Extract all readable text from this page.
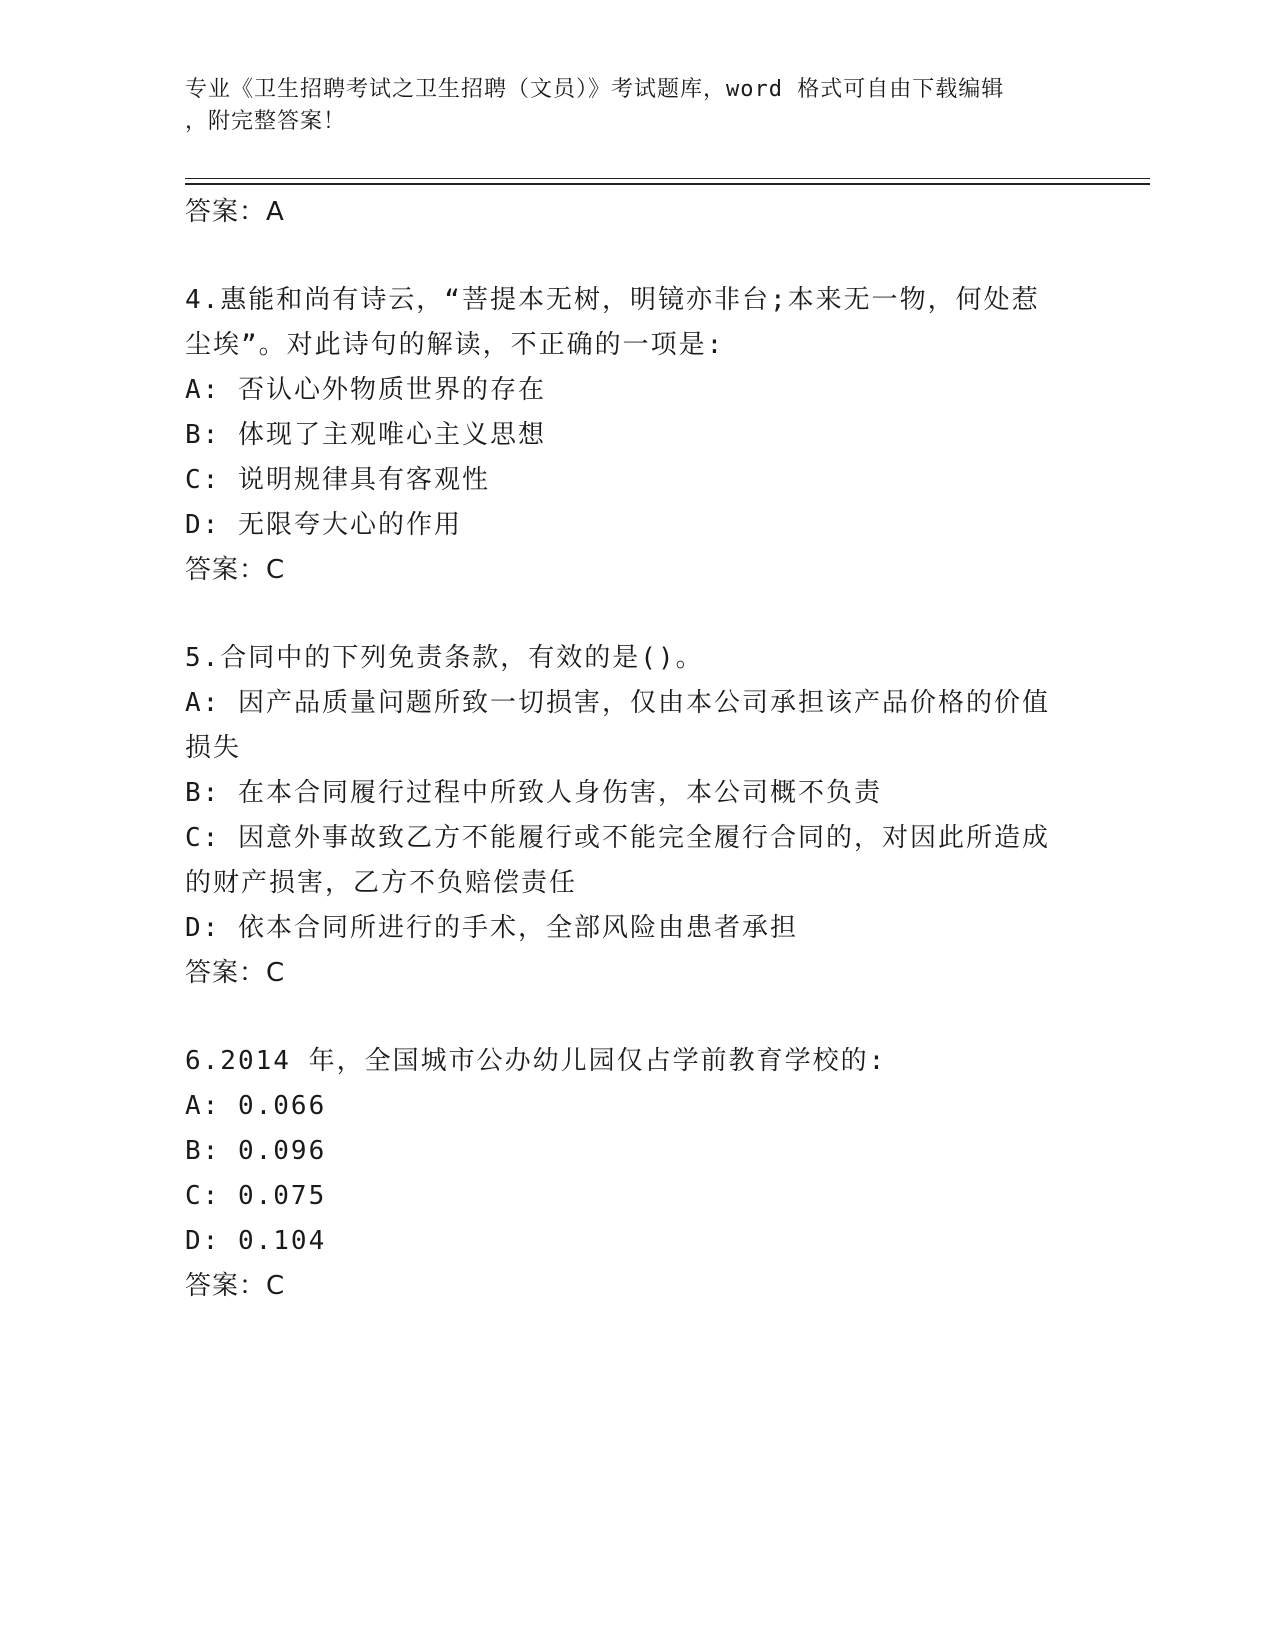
专业《卫生招聘考试之卫生招聘（文员）》考试题库，word 格式可自由下载编辑
，附完整答案！
答案：A
4.惠能和尚有诗云，“菩提本无树，明镜亦非台;本来无一物，何处惹尘埃”。对此诗句的解读，不正确的一项是:
A: 否认心外物质世界的存在
B: 体现了主观唯心主义思想
C: 说明规律具有客观性
D: 无限夸大心的作用
答案：C
5.合同中的下列免责条款，有效的是()。
A: 因产品质量问题所致一切损害，仅由本公司承担该产品价格的价值损失
B: 在本合同履行过程中所致人身伤害，本公司概不负责
C: 因意外事故致乙方不能履行或不能完全履行合同的，对因此所造成的财产损害，乙方不负赔偿责任
D: 依本合同所进行的手术，全部风险由患者承担
答案：C
6.2014 年，全国城市公办幼儿园仅占学前教育学校的:
A: 0.066
B: 0.096
C: 0.075
D: 0.104
答案：C
